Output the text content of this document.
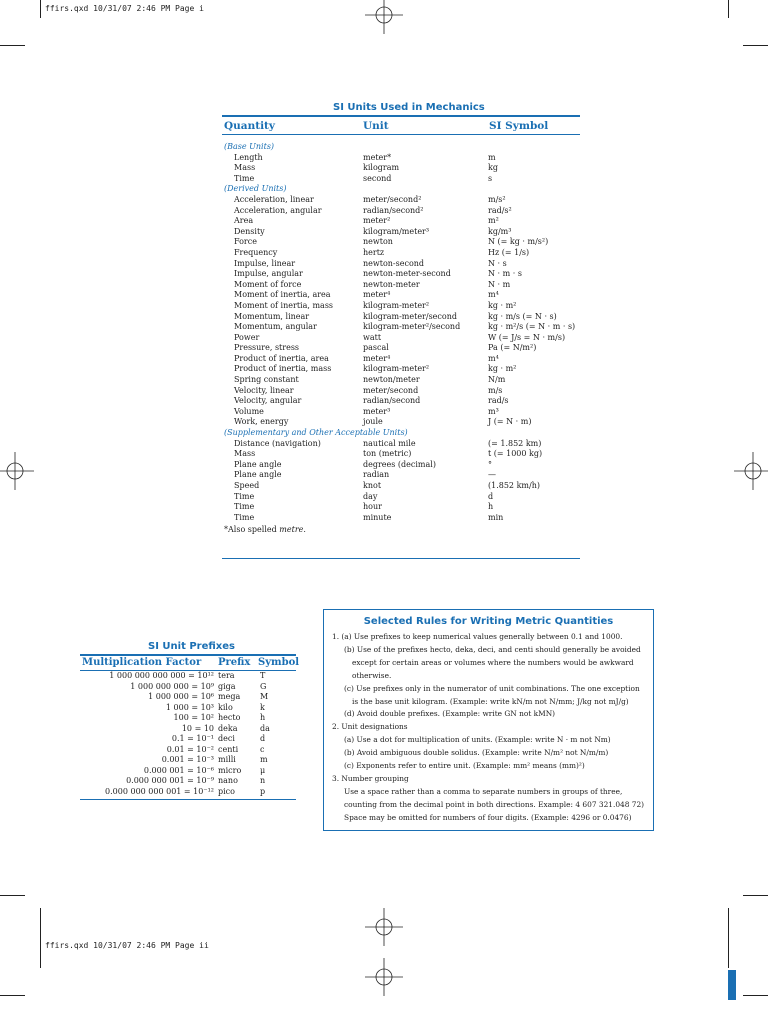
ffirs.qxd 10/31/07 2:46 PM Page i
ffirs.qxd 10/31/07 2:46 PM Page ii
SI Units Used in Mechanics
Quantity	Unit	SI Symbol
(Base Units)
Length	meter*	m
Mass	kilogram	kg
Time	second	s
(Derived Units)
Acceleration, linear	meter/second²	m/s²
Acceleration, angular	radian/second²	rad/s²
Area	meter²	m²
Density	kilogram/meter³	kg/m³
Force	newton	N (= kg · m/s²)
Frequency	hertz	Hz (= 1/s)
Impulse, linear	newton-second	N · s
Impulse, angular	newton-meter-second	N · m · s
Moment of force	newton-meter	N · m
Moment of inertia, area	meter⁴	m⁴
Moment of inertia, mass	kilogram-meter²	kg · m²
Momentum, linear	kilogram-meter/second	kg · m/s (= N · s)
Momentum, angular	kilogram-meter²/second	kg · m²/s (= N · m · s)
Power	watt	W (= J/s = N · m/s)
Pressure, stress	pascal	Pa (= N/m²)
Product of inertia, area	meter⁴	m⁴
Product of inertia, mass	kilogram-meter²	kg · m²
Spring constant	newton/meter	N/m
Velocity, linear	meter/second	m/s
Velocity, angular	radian/second	rad/s
Volume	meter³	m³
Work, energy	joule	J (= N · m)
(Supplementary and Other Acceptable Units)
Distance (navigation)	nautical mile	(= 1.852 km)
Mass	ton (metric)	t (= 1000 kg)
Plane angle	degrees (decimal)	°
Plane angle	radian	—
Speed	knot	(1.852 km/h)
Time	day	d
Time	hour	h
Time	minute	min
*Also spelled metre.
SI Unit Prefixes
Multiplication Factor Prefix Symbol
1 000 000 000 000 = 10¹² tera	T
1 000 000 000 = 10⁹ giga	G
1 000 000 = 10⁶ mega M
1 000 = 10³ kilo	k
100 = 10² hecto h
10 = 10 deka	da
0.1 = 10⁻¹ deci	d
0.01 = 10⁻² centi	c
0.001 = 10⁻³ milli	m
0.000 001 = 10⁻⁶ micro μ
0.000 000 001 = 10⁻⁹ nano	n
0.000 000 000 001 = 10⁻¹² pico	p
Selected Rules for Writing Metric Quantities
1. (a) Use prefixes to keep numerical values generally between 0.1 and 1000.
(b) Use of the prefixes hecto, deka, deci, and centi should generally be avoided
except for certain areas or volumes where the numbers would be awkward
otherwise.
(c) Use prefixes only in the numerator of unit combinations. The one exception
is the base unit kilogram. (Example: write kN/m not N/mm; J/kg not mJ/g)
(d) Avoid double prefixes. (Example: write GN not kMN)
2. Unit designations
(a) Use a dot for multiplication of units. (Example: write N · m not Nm)
(b) Avoid ambiguous double solidus. (Example: write N/m² not N/m/m)
(c) Exponents refer to entire unit. (Example: mm² means (mm)²)
3. Number grouping
Use a space rather than a comma to separate numbers in groups of three,
counting from the decimal point in both directions. Example: 4 607 321.048 72)
Space may be omitted for numbers of four digits. (Example: 4296 or 0.0476)
